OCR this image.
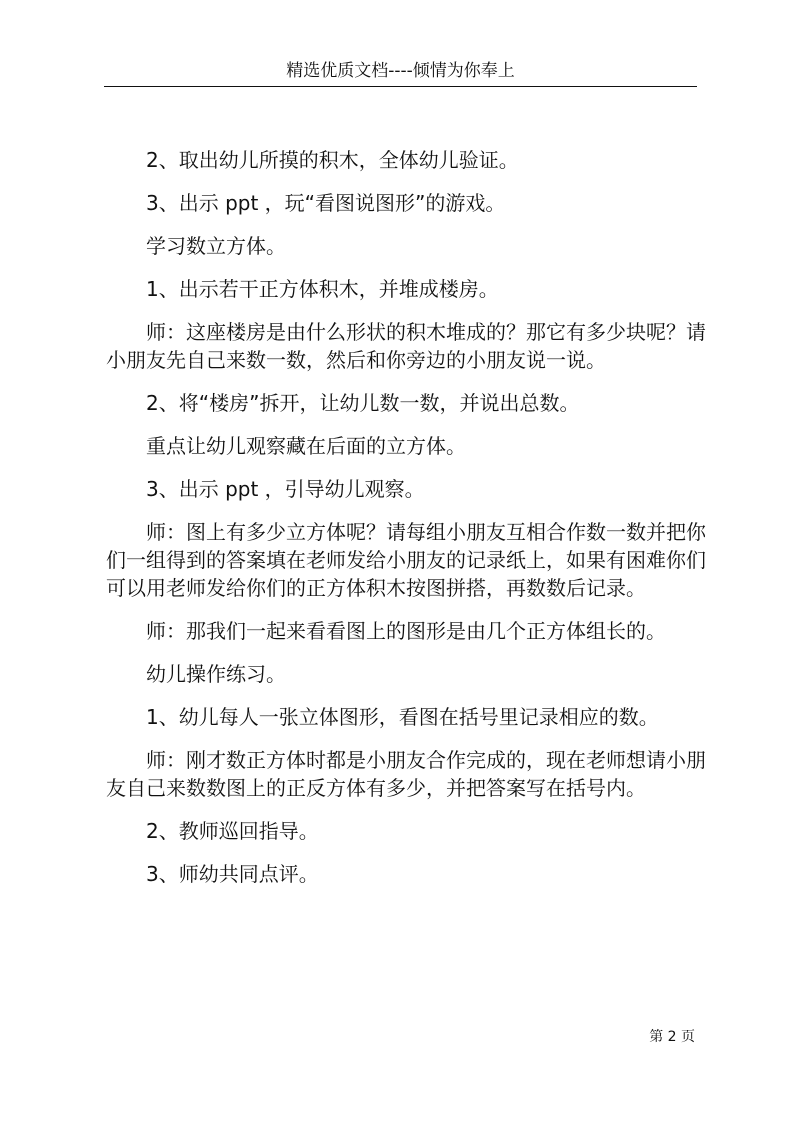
精选优质文档----倾情为你奉上

2、取出幼儿所摸的积木，全体幼儿验证。

3、出示 ppt ，玩“看图说图形”的游戏。

学习数立方体。

1、出示若干正方体积木，并堆成楼房。

师：这座楼房是由什么形状的积木堆成的？那它有多少块呢？请小朋友先自己来数一数，然后和你旁边的小朋友说一说。

2、将“楼房”拆开，让幼儿数一数，并说出总数。

重点让幼儿观察藏在后面的立方体。

3、出示 ppt ，引导幼儿观察。

师：图上有多少立方体呢？请每组小朋友互相合作数一数并把你们一组得到的答案填在老师发给小朋友的记录纸上，如果有困难你们可以用老师发给你们的正方体积木按图拼搭，再数数后记录。

师：那我们一起来看看图上的图形是由几个正方体组长的。

幼儿操作练习。

1、幼儿每人一张立体图形，看图在括号里记录相应的数。

师：刚才数正方体时都是小朋友合作完成的，现在老师想请小朋友自己来数数图上的正反方体有多少，并把答案写在括号内。

2、教师巡回指导。

3、师幼共同点评。

第 2 页
